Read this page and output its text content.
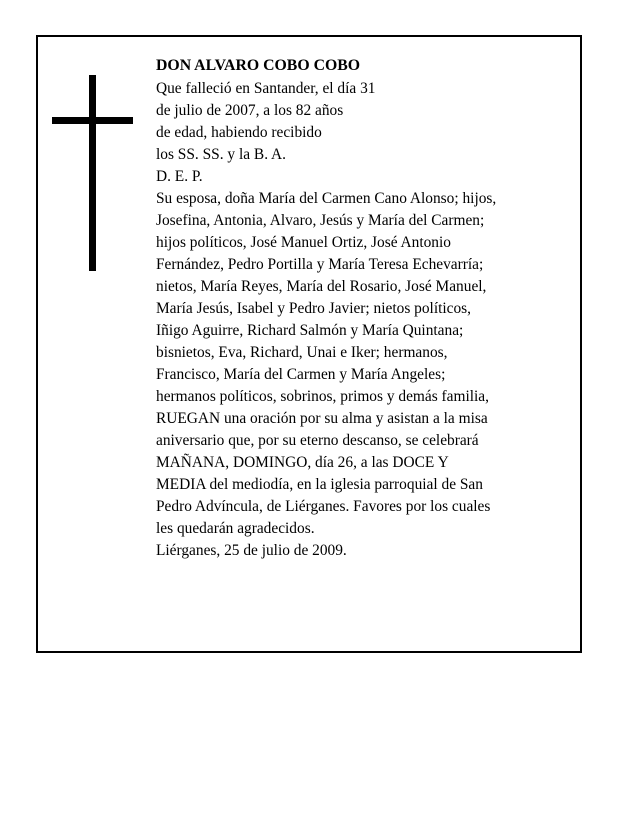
DON ALVARO COBO COBO
Que falleció en Santander, el día 31
de julio de 2007, a los 82 años
de edad, habiendo recibido
los SS. SS. y la B. A.
D. E. P.
Su esposa, doña María del Carmen Cano Alonso; hijos,
Josefina, Antonia, Alvaro, Jesús y María del Carmen;
hijos políticos, José Manuel Ortiz, José Antonio
Fernández, Pedro Portilla y María Teresa Echevarría;
nietos, María Reyes, María del Rosario, José Manuel,
María Jesús, Isabel y Pedro Javier; nietos políticos,
Iñigo Aguirre, Richard Salmón y María Quintana;
bisnietos, Eva, Richard, Unai e Iker; hermanos,
Francisco, María del Carmen y María Angeles;
hermanos políticos, sobrinos, primos y demás familia,
RUEGAN una oración por su alma y asistan a la misa
aniversario que, por su eterno descanso, se celebrará
MAÑANA, DOMINGO, día 26, a las DOCE Y
MEDIA del mediodía, en la iglesia parroquial de San
Pedro Advíncula, de Liérganes. Favores por los cuales
les quedarán agradecidos.
Liérganes, 25 de julio de 2009.
